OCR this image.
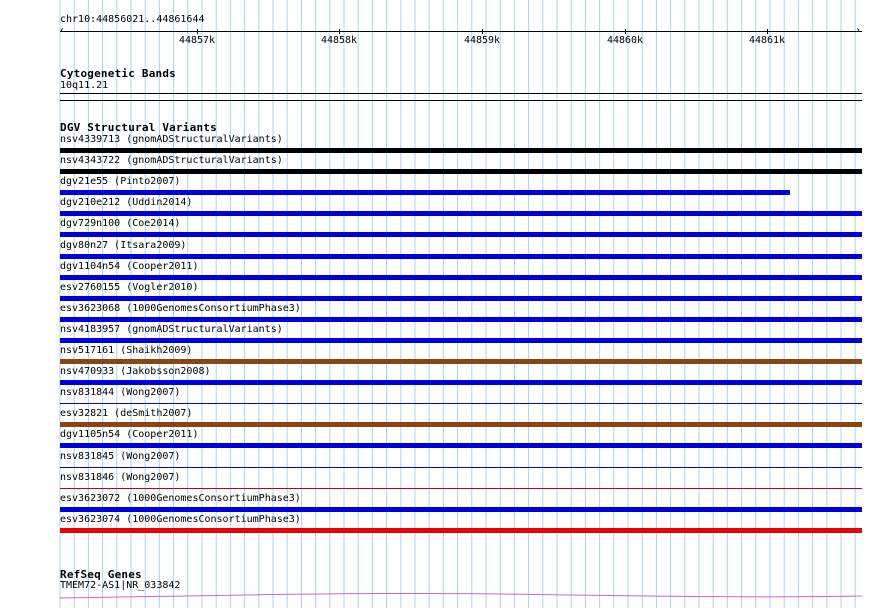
chr10:44856021..44861644
‹	›
44857k	44858k	44859k	44860k	44861k
Cytogenetic Bands
10q11.21
DGV Structural Variants
nsv4339713 (gnomADStructuralVariants)
nsv4343722 (gnomADStructuralVariants)
dgv21e55 (Pinto2007)
dgv210e212 (Uddin2014)
dgv729n100 (Coe2014)
dgv80n27 (Itsara2009)
dgv1104n54 (Cooper2011)
esv2760155 (Vogler2010)
esv3623068 (1000GenomesConsortiumPhase3)
nsv4183957 (gnomADStructuralVariants)
nsv517161 (Shaikh2009)
nsv470933 (Jakobsson2008)
nsv831844 (Wong2007)
esv32821 (deSmith2007)
dgv1105n54 (Cooper2011)
nsv831845 (Wong2007)
nsv831846 (Wong2007)
esv3623072 (1000GenomesConsortiumPhase3)
esv3623074 (1000GenomesConsortiumPhase3)
RefSeq Genes
TMEM72-AS1|NR_033842
